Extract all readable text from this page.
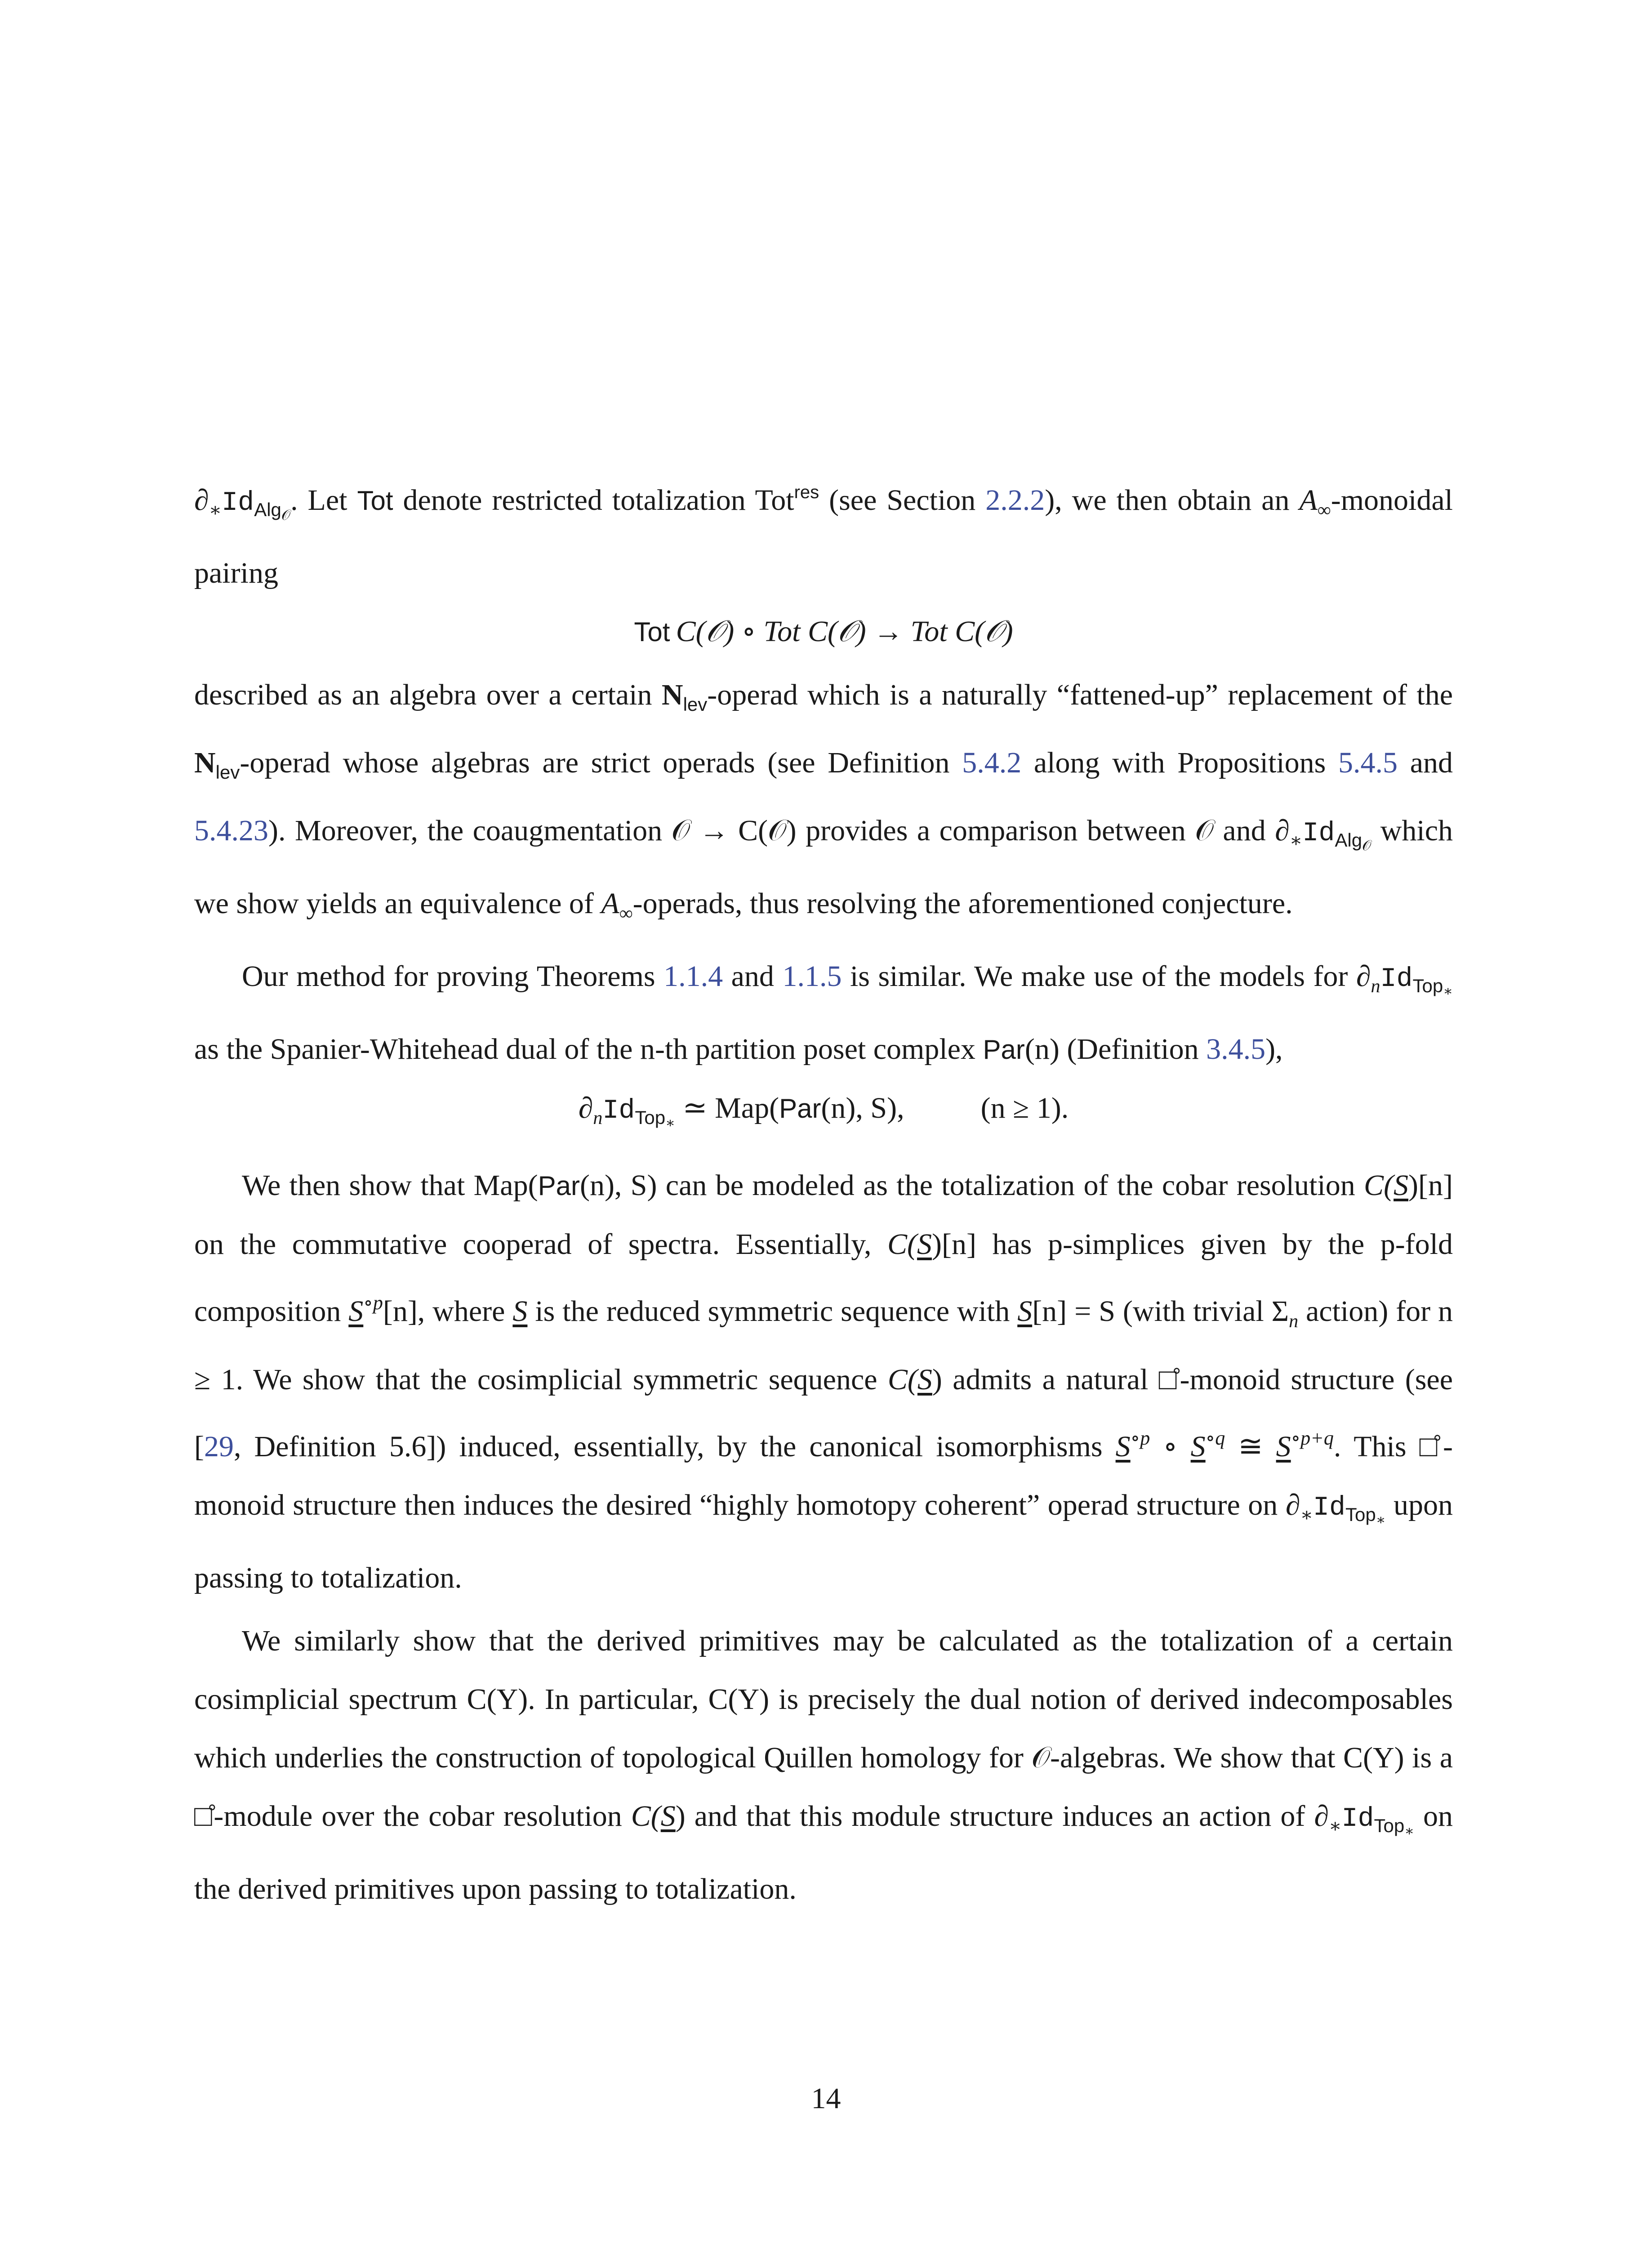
$\partial_∗Id_{Alg𝒪}$. Let Tot denote restricted totalization Tot$^{res}$ (see Section 2.2.2), we then obtain an $A_\infty$-monoidal pairing

Tot  C(𝒪) ∘ Tot C(𝒪) → Tot C(𝒪)

described as an algebra over a certain $N_{lev}$-operad which is a naturally “fattened-up” replacement of the $N_{lev}$-operad whose algebras are strict operads (see Definition 5.4.2 along with Propositions 5.4.5 and 5.4.23). Moreover, the coaugmentation 𝒪 → C(𝒪) provides a comparison between 𝒪 and $\partial_∗Id_{Alg𝒪}$ which we show yields an equivalence of $A_\infty$-operads, thus resolving the aforementioned conjecture.

Our method for proving Theorems 1.1.4 and 1.1.5 is similar. We make use of the models for $\partial_nId_{Top∗}$ as the Spanier-Whitehead dual of the n-th partition poset complex Par(n) (Definition 3.4.5),

$\partial_nId_{Top∗}$ ≃ Map(Par(n), S),	(n ≥ 1).

We then show that Map(Par(n), S) can be modeled as the totalization of the cobar resolution C(S)[n] on the commutative cooperad of spectra. Essentially, C(S)[n] has p-simplices given by the p-fold composition $S^{\circ p}[n]$, where S is the reduced symmetric sequence with S[n] = S (with trivial $\Sigma_n$ action) for n ≥ 1. We show that the cosimplicial symmetric sequence C(S) admits a natural □̊-monoid structure (see [29, Definition 5.6]) induced, essentially, by the canonical isomorphisms $S^{\circ p}$ ∘ $S^{\circ q}$ ≅ $S^{\circ p+q}$. This □̊-monoid structure then induces the desired “highly homotopy coherent” operad structure on $\partial_∗Id_{Top∗}$ upon passing to totalization.

We similarly show that the derived primitives may be calculated as the totalization of a certain cosimplicial spectrum C(Y). In particular, C(Y) is precisely the dual notion of derived indecomposables which underlies the construction of topological Quillen homology for 𝒪-algebras. We show that C(Y) is a □̊-module over the cobar resolution C(S) and that this module structure induces an action of $\partial_∗Id_{Top∗}$ on the derived primitives upon passing to totalization.

14
